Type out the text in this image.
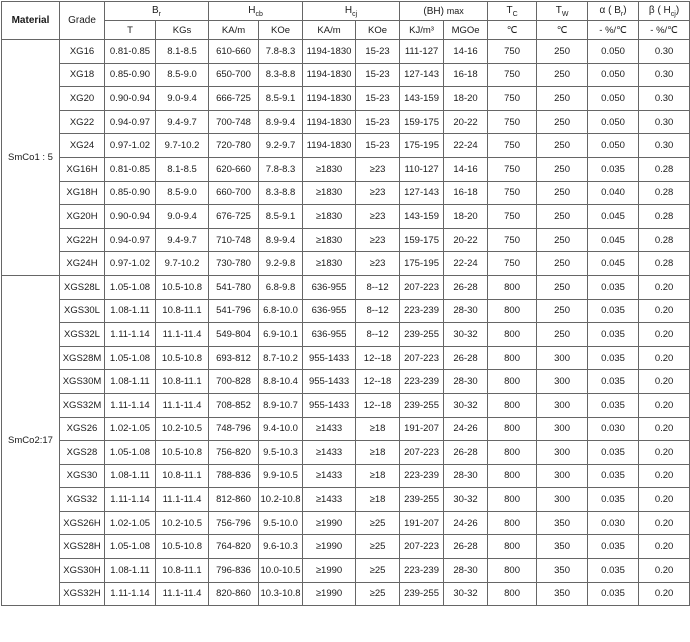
Material	Grade	$B_r$		$H_{cb}$		$H_{cj}$		(BH) max		$T_C$	$T_W$	α ( $B_r$)	β ( $H_{cj}$)
		T	KGs	KA/m	KOe	KA/m	KOe	KJ/m³	MGOe	℃	℃	- %/℃	- %/℃
SmCo1 : 5	XG16	0.81-0.85	8.1-8.5	610-660	7.8-8.3	1194-1830	15-23	111-127	14-16	750	250	0.050	0.30
	XG18	0.85-0.90	8.5-9.0	650-700	8.3-8.8	1194-1830	15-23	127-143	16-18	750	250	0.050	0.30
	XG20	0.90-0.94	9.0-9.4	666-725	8.5-9.1	1194-1830	15-23	143-159	18-20	750	250	0.050	0.30
	XG22	0.94-0.97	9.4-9.7	700-748	8.9-9.4	1194-1830	15-23	159-175	20-22	750	250	0.050	0.30
	XG24	0.97-1.02	9.7-10.2	720-780	9.2-9.7	1194-1830	15-23	175-195	22-24	750	250	0.050	0.30
	XG16H	0.81-0.85	8.1-8.5	620-660	7.8-8.3	≥1830	≥23	110-127	14-16	750	250	0.035	0.28
	XG18H	0.85-0.90	8.5-9.0	660-700	8.3-8.8	≥1830	≥23	127-143	16-18	750	250	0.040	0.28
	XG20H	0.90-0.94	9.0-9.4	676-725	8.5-9.1	≥1830	≥23	143-159	18-20	750	250	0.045	0.28
	XG22H	0.94-0.97	9.4-9.7	710-748	8.9-9.4	≥1830	≥23	159-175	20-22	750	250	0.045	0.28
	XG24H	0.97-1.02	9.7-10.2	730-780	9.2-9.8	≥1830	≥23	175-195	22-24	750	250	0.045	0.28
SmCo2:17	XGS28L	1.05-1.08	10.5-10.8	541-780	6.8-9.8	636-955	8--12	207-223	26-28	800	250	0.035	0.20
	XGS30L	1.08-1.11	10.8-11.1	541-796	6.8-10.0	636-955	8--12	223-239	28-30	800	250	0.035	0.20
	XGS32L	1.11-1.14	11.1-11.4	549-804	6.9-10.1	636-955	8--12	239-255	30-32	800	250	0.035	0.20
	XGS28M	1.05-1.08	10.5-10.8	693-812	8.7-10.2	955-1433	12--18	207-223	26-28	800	300	0.035	0.20
	XGS30M	1.08-1.11	10.8-11.1	700-828	8.8-10.4	955-1433	12--18	223-239	28-30	800	300	0.035	0.20
	XGS32M	1.11-1.14	11.1-11.4	708-852	8.9-10.7	955-1433	12--18	239-255	30-32	800	300	0.035	0.20
	XGS26	1.02-1.05	10.2-10.5	748-796	9.4-10.0	≥1433	≥18	191-207	24-26	800	300	0.030	0.20
	XGS28	1.05-1.08	10.5-10.8	756-820	9.5-10.3	≥1433	≥18	207-223	26-28	800	300	0.035	0.20
	XGS30	1.08-1.11	10.8-11.1	788-836	9.9-10.5	≥1433	≥18	223-239	28-30	800	300	0.035	0.20
	XGS32	1.11-1.14	11.1-11.4	812-860	10.2-10.8	≥1433	≥18	239-255	30-32	800	300	0.035	0.20
	XGS26H	1.02-1.05	10.2-10.5	756-796	9.5-10.0	≥1990	≥25	191-207	24-26	800	350	0.030	0.20
	XGS28H	1.05-1.08	10.5-10.8	764-820	9.6-10.3	≥1990	≥25	207-223	26-28	800	350	0.035	0.20
	XGS30H	1.08-1.11	10.8-11.1	796-836	10.0-10.5	≥1990	≥25	223-239	28-30	800	350	0.035	0.20
	XGS32H	1.11-1.14	11.1-11.4	820-860	10.3-10.8	≥1990	≥25	239-255	30-32	800	350	0.035	0.20
